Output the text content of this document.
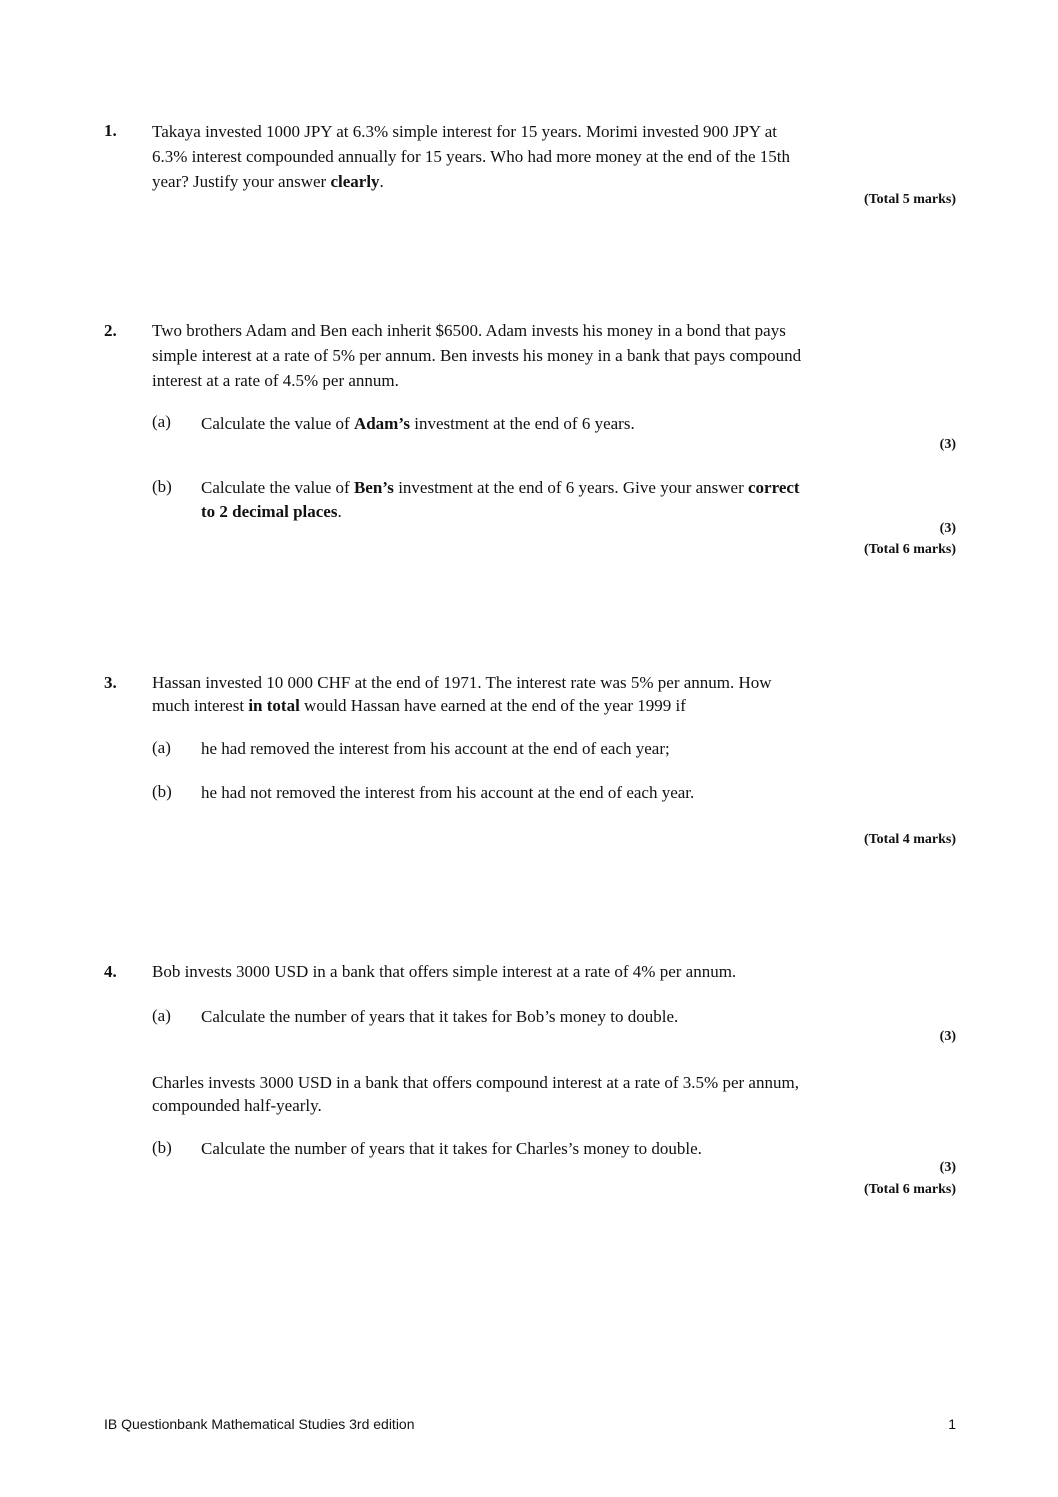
1. Takaya invested 1000 JPY at 6.3% simple interest for 15 years. Morimi invested 900 JPY at
6.3% interest compounded annually for 15 years. Who had more money at the end of the 15th
year? Justify your answer clearly.
(Total 5 marks)
2. Two brothers Adam and Ben each inherit $6500. Adam invests his money in a bond that pays
simple interest at a rate of 5% per annum. Ben invests his money in a bank that pays compound
interest at a rate of 4.5% per annum.
(a) Calculate the value of Adam’s investment at the end of 6 years.
(3)
(b) Calculate the value of Ben’s investment at the end of 6 years. Give your answer correct
to 2 decimal places.
(3)
(Total 6 marks)
3. Hassan invested 10 000 CHF at the end of 1971. The interest rate was 5% per annum. How
much interest in total would Hassan have earned at the end of the year 1999 if
(a) he had removed the interest from his account at the end of each year;
(b) he had not removed the interest from his account at the end of each year.
(Total 4 marks)
4. Bob invests 3000 USD in a bank that offers simple interest at a rate of 4% per annum.
(a) Calculate the number of years that it takes for Bob’s money to double.
(3)
Charles invests 3000 USD in a bank that offers compound interest at a rate of 3.5% per annum,
compounded half-yearly.
(b) Calculate the number of years that it takes for Charles’s money to double.
(3)
(Total 6 marks)
IB Questionbank Mathematical Studies 3rd edition	1
